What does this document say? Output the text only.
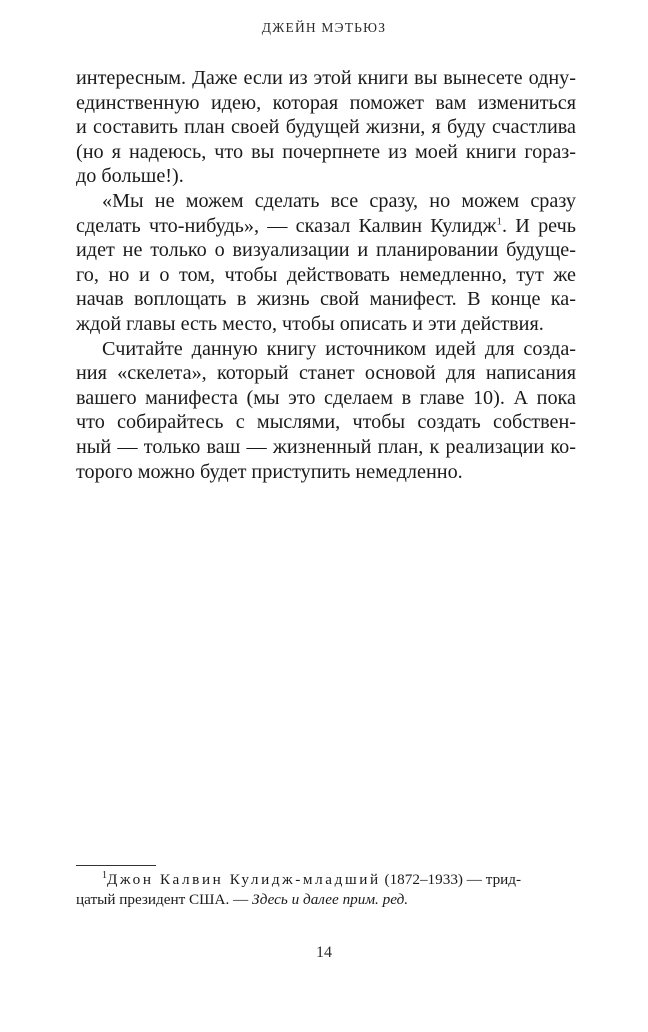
ДЖЕЙН МЭТЬЮЗ
интересным. Даже если из этой книги вы вынесете одну-
единственную идею, которая поможет вам измениться
и составить план своей будущей жизни, я буду счастлива
(но я надеюсь, что вы почерпнете из моей книги гораз-
до больше!).
«Мы не можем сделать все сразу, но можем сразу
сделать что-нибудь», — сказал Калвин Кулидж$^1$. И речь
идет не только о визуализации и планировании будуще-
го, но и о том, чтобы действовать немедленно, тут же
начав воплощать в жизнь свой манифест. В конце ка-
ждой главы есть место, чтобы описать и эти действия.
Считайте данную книгу источником идей для созда-
ния «скелета», который станет основой для написания
вашего манифеста (мы это сделаем в главе 10). А пока
что собирайтесь с мыслями, чтобы создать собствен-
ный — только ваш — жизненный план, к реализации ко-
торого можно будет приступить немедленно.
$^1$Джон Калвин Кулидж-младший (1872–1933) — трид-
цатый президент США. — Здесь и далее прим. ред.
14
